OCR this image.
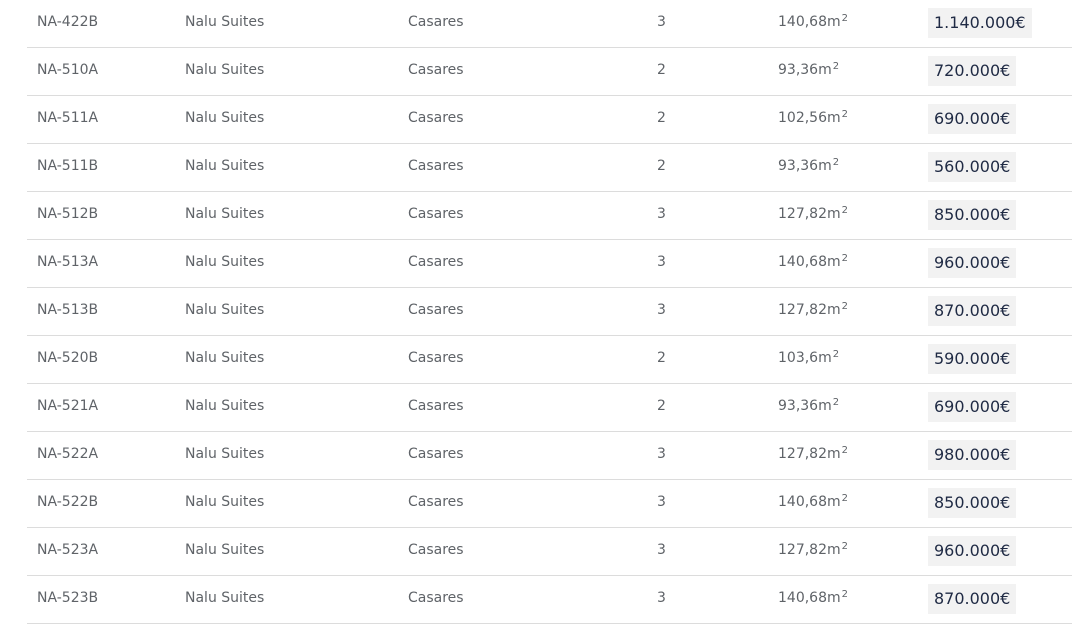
NA-422B	Nalu Suites	Casares	3	$140,68m^2$	1.140.000€
NA-510A	Nalu Suites	Casares	2	$93,36m^2$	720.000€
NA-511A	Nalu Suites	Casares	2	$102,56m^2$	690.000€
NA-511B	Nalu Suites	Casares	2	$93,36m^2$	560.000€
NA-512B	Nalu Suites	Casares	3	$127,82m^2$	850.000€
NA-513A	Nalu Suites	Casares	3	$140,68m^2$	960.000€
NA-513B	Nalu Suites	Casares	3	$127,82m^2$	870.000€
NA-520B	Nalu Suites	Casares	2	$103,6m^2$	590.000€
NA-521A	Nalu Suites	Casares	2	$93,36m^2$	690.000€
NA-522A	Nalu Suites	Casares	3	$127,82m^2$	980.000€
NA-522B	Nalu Suites	Casares	3	$140,68m^2$	850.000€
NA-523A	Nalu Suites	Casares	3	$127,82m^2$	960.000€
NA-523B	Nalu Suites	Casares	3	$140,68m^2$	870.000€
